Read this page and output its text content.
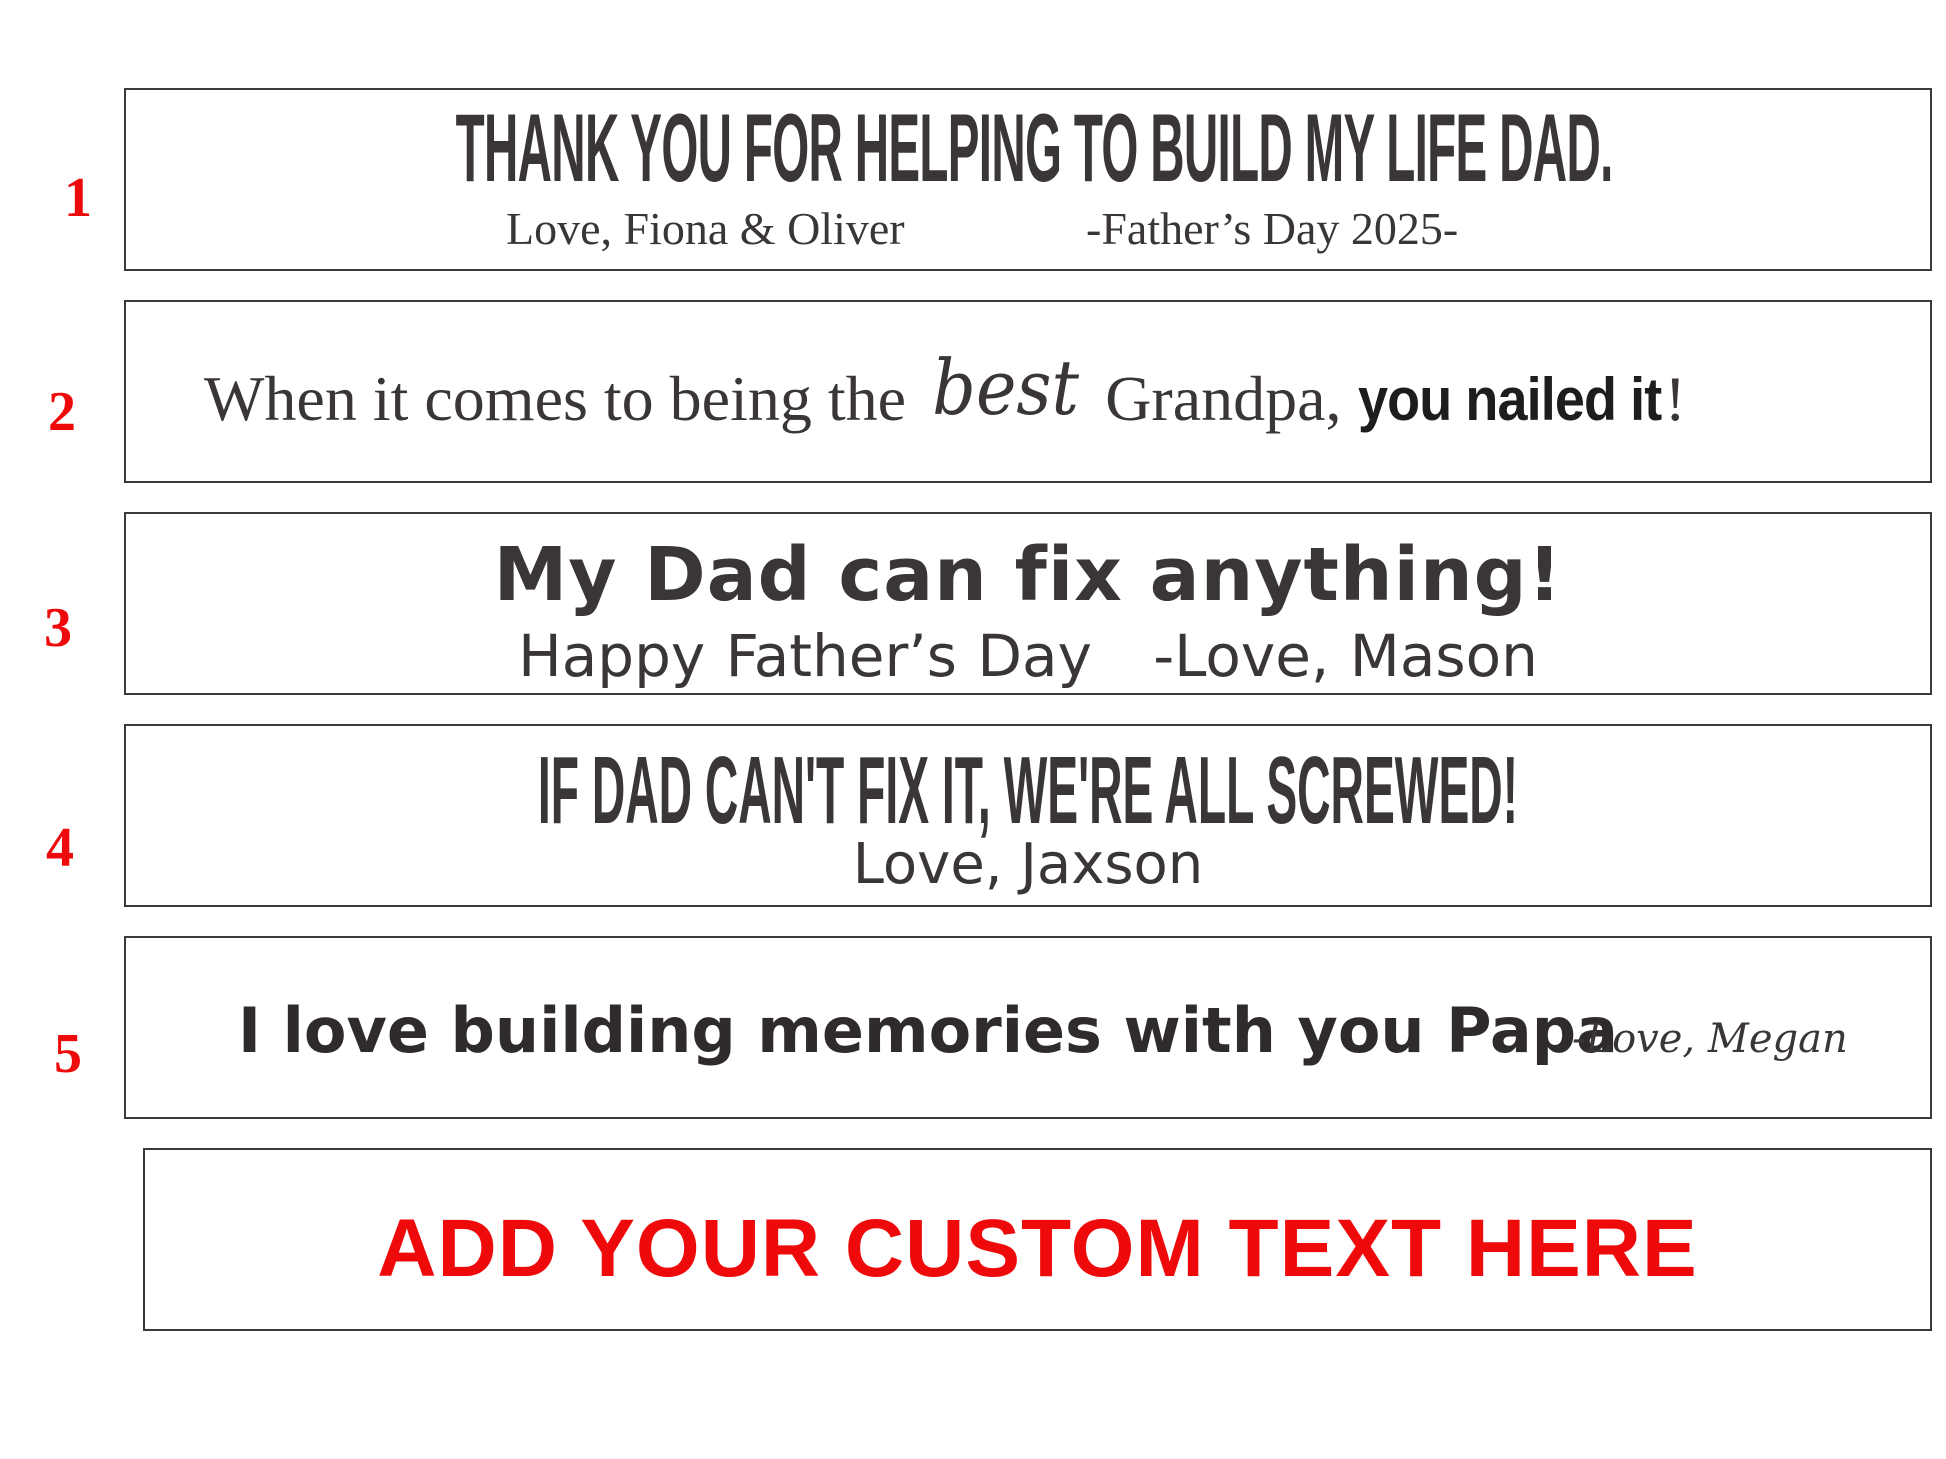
1
2
3
4
5
THANK YOU FOR HELPING TO BUILD MY LIFE DAD.
Love, Fiona & Oliver	-Father’s Day 2025-
When it comes to being the best Grandpa, you nailed it!
My Dad can fix anything!
Happy Father’s Day   -Love, Mason
IF DAD CAN'T FIX IT, WE'RE ALL SCREWED!
Love, Jaxson
I love building memories with you Papa
-Love, Megan
ADD YOUR CUSTOM TEXT HERE
